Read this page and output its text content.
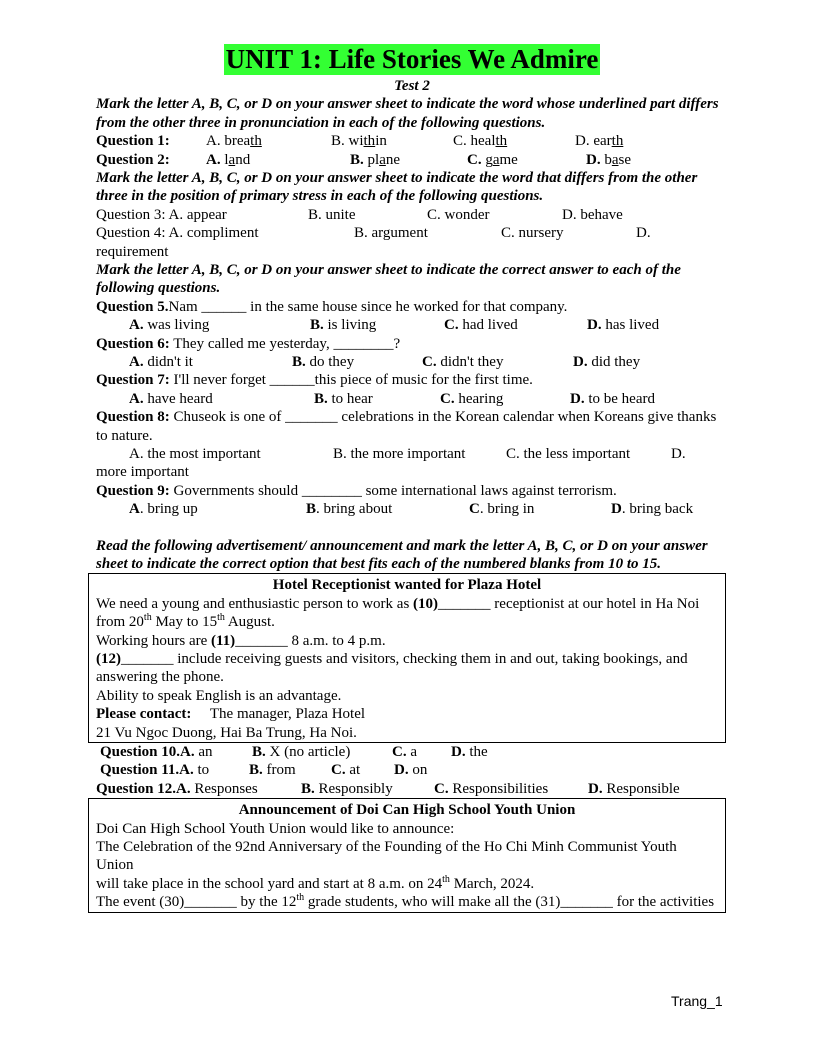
UNIT 1: Life Stories We Admire
Test 2
Mark the letter A, B, C, or D on your answer sheet to indicate the word whose underlined part differs from the other three in pronunciation in each of the following questions.
Question 1: A. breath	B. within	C. health	D. earth
Question 2: A. land	B. plane	C. game	D. base
Mark the letter A, B, C, or D on your answer sheet to indicate the word that differs from the other three in the position of primary stress in each of the following questions.
Question 3: A. appear	B. unite	C. wonder	D. behave
Question 4: A. compliment	B. argument	C. nursery	D.
requirement
Mark the letter A, B, C, or D on your answer sheet to indicate the correct answer to each of the following questions.
Question 5.Nam ______ in the same house since he worked for that company.
A. was living	B. is living	C. had lived	D. has lived
Question 6: They called me yesterday, ________?
A. didn't it	B. do they	C. didn't they	D. did they
Question 7: I'll never forget ______this piece of music for the first time.
A. have heard	B. to hear	C. hearing	D. to be heard
Question 8: Chuseok is one of _______ celebrations in the Korean calendar when Koreans give thanks to nature.
A. the most important	B. the more important	C. the less important	D.
more important
Question 9: Governments should ________ some international laws against terrorism.
A. bring up	B. bring about	C. bring in	D. bring back
Read the following advertisement/ announcement and mark the letter A, B, C, or D on your answer sheet to indicate the correct option that best fits each of the numbered blanks from 10 to 15.
Hotel Receptionist wanted for Plaza Hotel
We need a young and enthusiastic person to work as (10)_______ receptionist at our hotel in Ha Noi from 20th May to 15th August.
Working hours are (11)_______ 8 a.m. to 4 p.m.
(12)_______ include receiving guests and visitors, checking them in and out, taking bookings, and answering the phone.
Ability to speak English is an advantage.
Please contact:     The manager, Plaza Hotel
21 Vu Ngoc Duong, Hai Ba Trung, Ha Noi.
Question 10.A. an	B. X (no article)	C. a D. the
Question 11.A. to	B. from C. at D. on
Question 12.A. Responses	B. Responsibly	C. Responsibilities	D. Responsible
Announcement of Doi Can High School Youth Union
Doi Can High School Youth Union would like to announce:
The Celebration of the 92nd Anniversary of the Founding of the Ho Chi Minh Communist Youth Union
will take place in the school yard and start at 8 a.m. on 24th March, 2024.
The event (30)_______ by the 12th grade students, who will make all the (31)_______ for the activities
Trang_1
